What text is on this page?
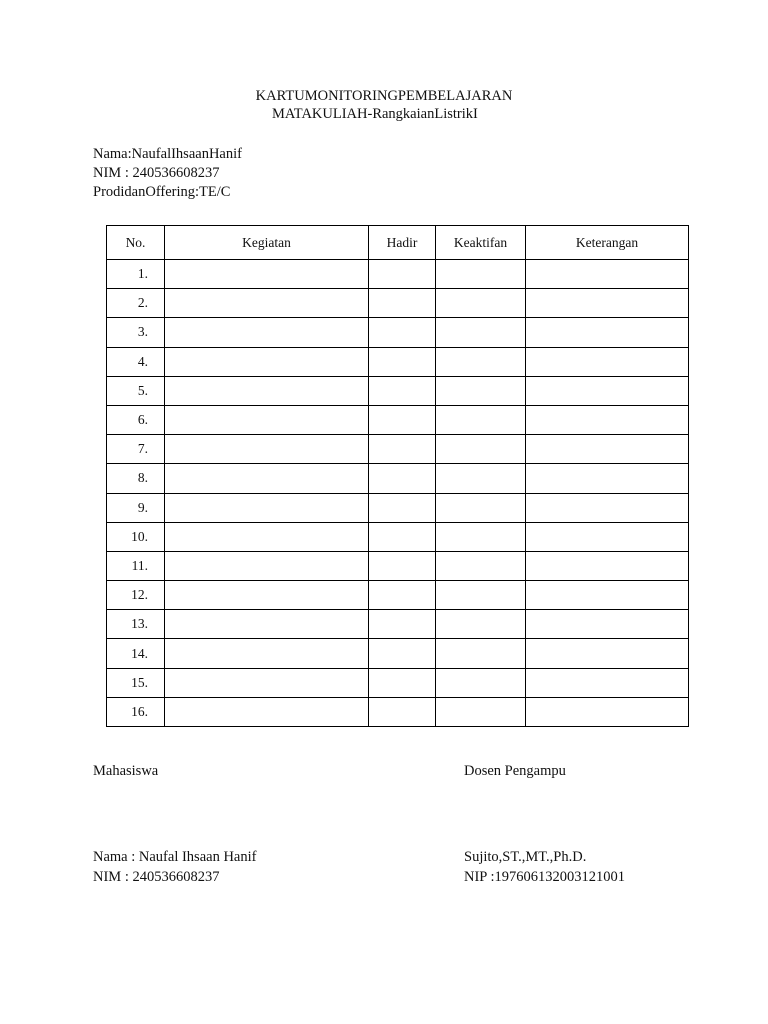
KARTUMONITORINGPEMBELAJARAN
MATAKULIAH-RangkaianListrikI
Nama:NaufalIhsaanHanif
NIM : 240536608237
ProdidanOffering:TE/C
No.	Kegiatan	Hadir	Keaktifan	Keterangan
1.				
2.				
3.				
4.				
5.				
6.				
7.				
8.				
9.				
10.				
11.				
12.				
13.				
14.				
15.				
16.				
Mahasiswa	Dosen Pengampu
Nama : Naufal Ihsaan Hanif
NIM : 240536608237
Sujito,ST.,MT.,Ph.D.
NIP :197606132003121001
